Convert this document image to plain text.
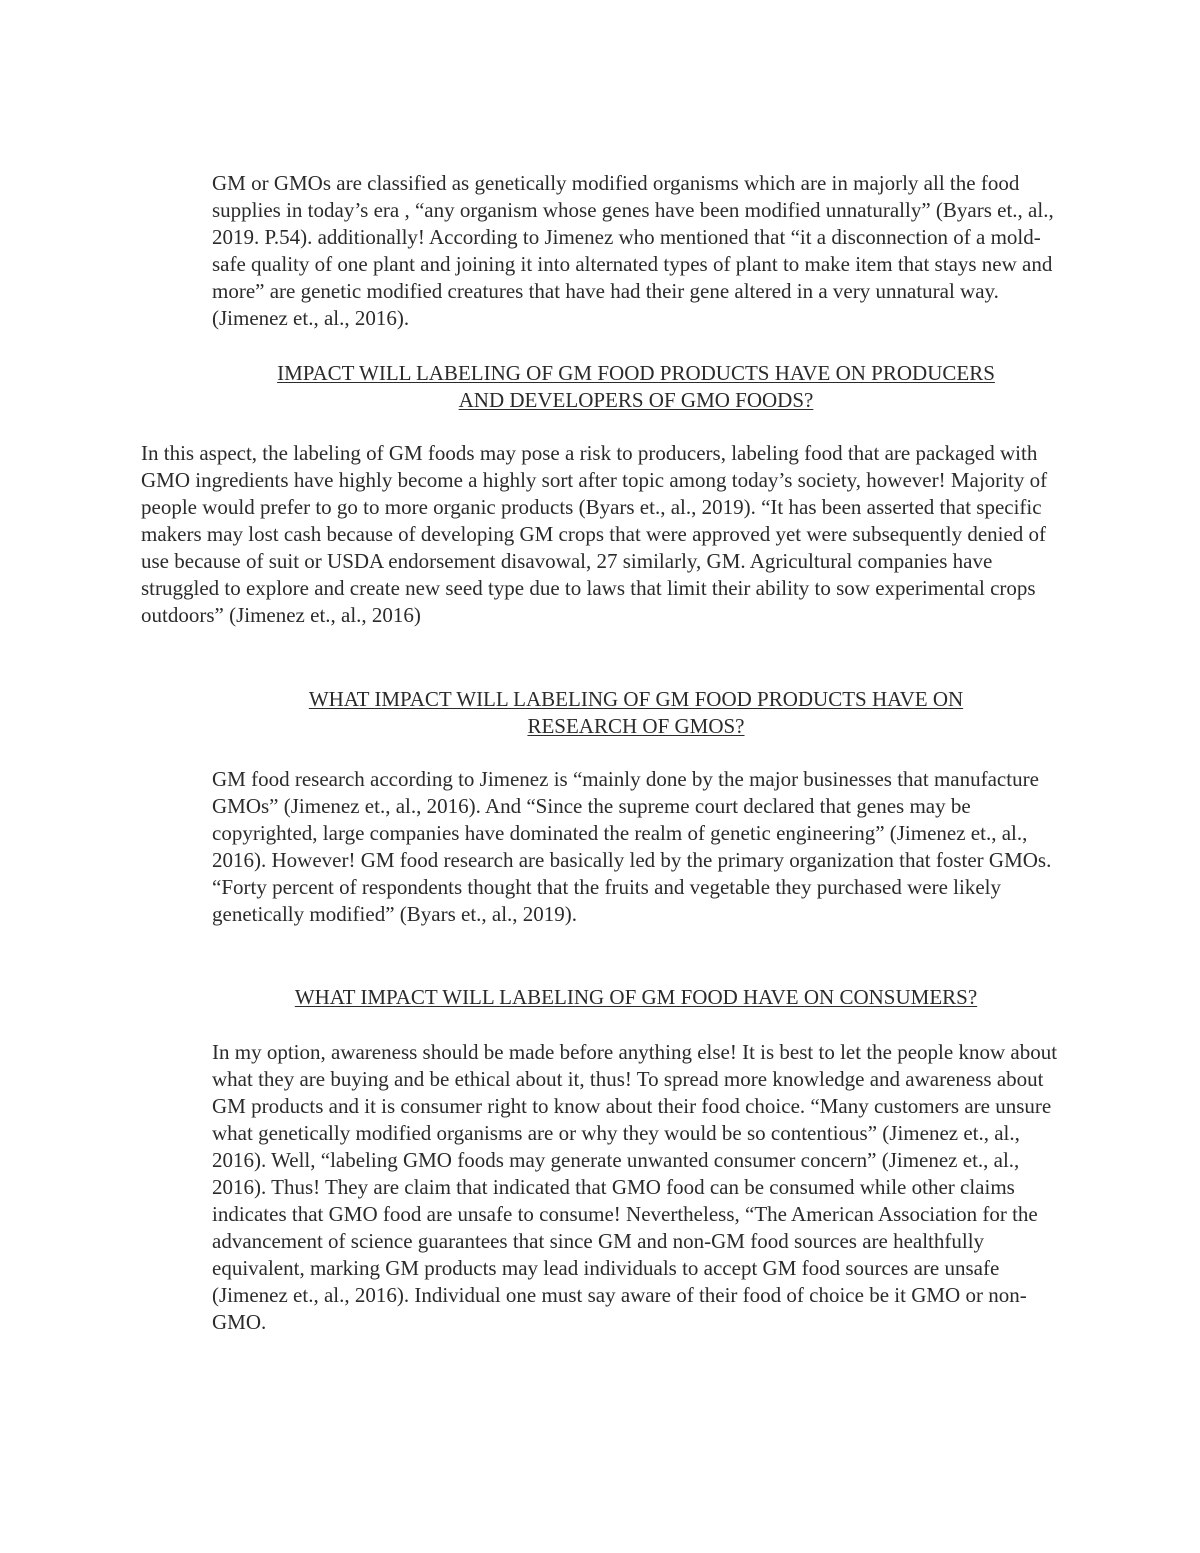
GM or GMOs are classified as genetically modified organisms which are in majorly all the food supplies in today’s era , “any organism whose genes have been modified unnaturally” (Byars et., al., 2019. P.54). additionally! According to Jimenez who mentioned that “it a disconnection of a mold-safe quality of one plant and joining it into alternated types of plant to make item that stays new and more” are genetic modified creatures that have had their gene altered in a very unnatural way. (Jimenez et., al., 2016).

IMPACT WILL LABELING OF GM FOOD PRODUCTS HAVE ON PRODUCERS
AND DEVELOPERS OF GMO FOODS?

In this aspect, the labeling of GM foods may pose a risk to producers, labeling food that are packaged with GMO ingredients have highly become a highly sort after topic among today’s society, however! Majority of people would prefer to go to more organic products (Byars et., al., 2019). “It has been asserted that specific makers may lost cash because of developing GM crops that were approved yet were subsequently denied of use because of suit or USDA endorsement disavowal, 27 similarly, GM. Agricultural companies have struggled to explore and create new seed type due to laws that limit their ability to sow experimental crops outdoors” (Jimenez et., al., 2016)

WHAT IMPACT WILL LABELING OF GM FOOD PRODUCTS HAVE ON
RESEARCH OF GMOS?

GM food research according to Jimenez is “mainly done by the major businesses that manufacture GMOs” (Jimenez et., al., 2016). And “Since the supreme court declared that genes may be copyrighted, large companies have dominated the realm of genetic engineering” (Jimenez et., al., 2016). However! GM food research are basically led by the primary organization that foster GMOs. “Forty percent of respondents thought that the fruits and vegetable they purchased were likely genetically modified” (Byars et., al., 2019).

WHAT IMPACT WILL LABELING OF GM FOOD HAVE ON CONSUMERS?

In my option, awareness should be made before anything else! It is best to let the people know about what they are buying and be ethical about it, thus! To spread more knowledge and awareness about GM products and it is consumer right to know about their food choice. “Many customers are unsure what genetically modified organisms are or why they would be so contentious” (Jimenez et., al., 2016). Well, “labeling GMO foods may generate unwanted consumer concern” (Jimenez et., al., 2016). Thus! They are claim that indicated that GMO food can be consumed while other claims indicates that GMO food are unsafe to consume! Nevertheless, “The American Association for the advancement of science guarantees that since GM and non-GM food sources are healthfully equivalent, marking GM products may lead individuals to accept GM food sources are unsafe (Jimenez et., al., 2016). Individual one must say aware of their food of choice be it GMO or non-GMO.
